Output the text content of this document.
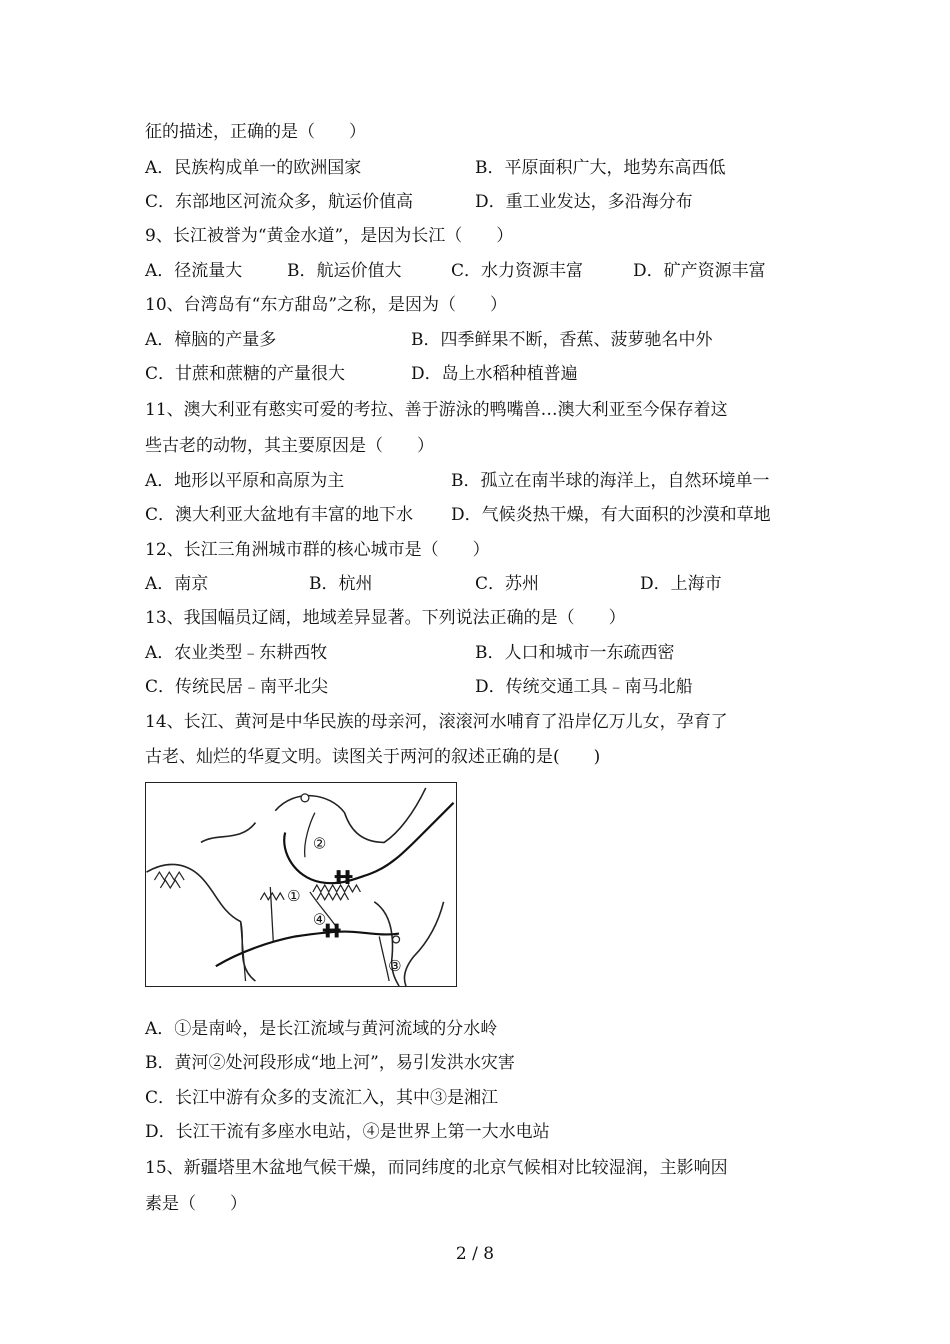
征的描述，正确的是（　　）
A．民族构成单一的欧洲国家	B．平原面积广大，地势东高西低
C．东部地区河流众多，航运价值高	D．重工业发达，多沿海分布
9、长江被誉为“黄金水道”，是因为长江（　　）
A．径流量大	B．航运价值大	C．水力资源丰富	D．矿产资源丰富
10、台湾岛有“东方甜岛”之称，是因为（　　）
A．樟脑的产量多	B．四季鲜果不断，香蕉、菠萝驰名中外
C．甘蔗和蔗糖的产量很大	D．岛上水稻种植普遍
11、澳大利亚有憨实可爱的考拉、善于游泳的鸭嘴兽…澳大利亚至今保存着这
些古老的动物，其主要原因是（　　）
A．地形以平原和高原为主	B．孤立在南半球的海洋上，自然环境单一
C．澳大利亚大盆地有丰富的地下水 D．气候炎热干燥，有大面积的沙漠和草地
12、长江三角洲城市群的核心城市是（　　）
A．南京	B．杭州	C．苏州	D．上海市
13、我国幅员辽阔，地域差异显著。下列说法正确的是（　　）
A．农业类型﹣东耕西牧	B．人口和城市一东疏西密
C．传统民居﹣南平北尖	D．传统交通工具﹣南马北船
14、长江、黄河是中华民族的母亲河，滚滚河水哺育了沿岸亿万儿女，孕育了
古老、灿烂的华夏文明。读图关于两河的叙述正确的是(　　)
①
②
③
④
A．①是南岭，是长江流域与黄河流域的分水岭
B．黄河②处河段形成“地上河”，易引发洪水灾害
C．长江中游有众多的支流汇入，其中③是湘江
D．长江干流有多座水电站，④是世界上第一大水电站
15、新疆塔里木盆地气候干燥，而同纬度的北京气候相对比较湿润，主影响因
素是（　　）
2 / 8
